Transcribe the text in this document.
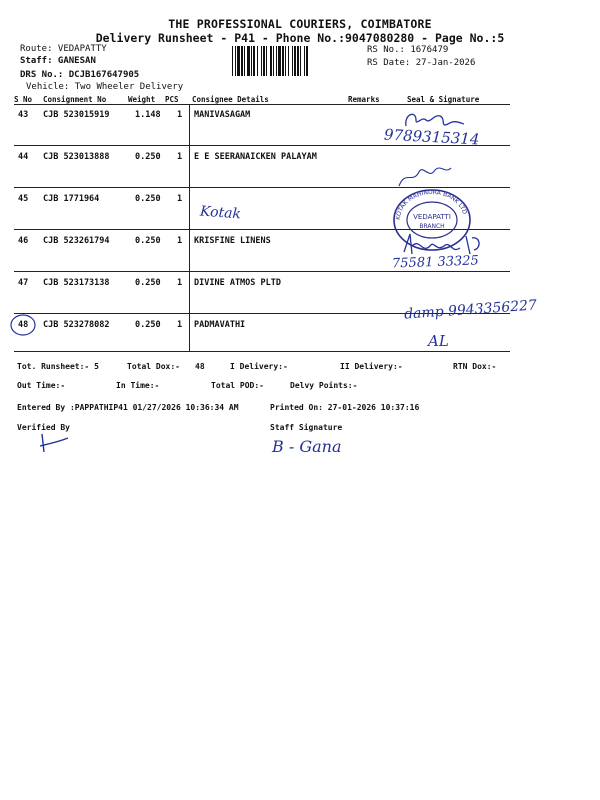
THE PROFESSIONAL COURIERS, COIMBATORE
Delivery Runsheet - P41 - Phone No.:9047080280 - Page No.:5
Route: VEDAPATTY
Staff: GANESAN
DRS No.: DCJB167647905
Vehicle: Two Wheeler Delivery
RS No.: 1676479
RS Date: 27-Jan-2026
S No Consignment No	Weight PCS Consignee Details	Remarks	Seal & Signature
43 CJB 523015919	1.148 1 MANIVASAGAM
44 CJB 523013888	0.250 1 E E SEERANAICKEN PALAYAM
45 CJB 1771964	0.250 1
46 CJB 523261794	0.250 1 KRISFINE LINENS
47 CJB 523173138	0.250 1 DIVINE ATMOS PLTD
48 CJB 523278082	0.250 1 PADMAVATHI
9789315314
KOTAK MAHINDRA BANK LTD
VEDAPATTI
BRANCH
Kotak
75581 33325
damp 9943356227
AL
Tot. Runsheet:- 5	Total Dox:- 48	I Delivery:-	II Delivery:-	RTN Dox:-
Out Time:-	In Time:-	Total POD:-	Delvy Points:-
Entered By :PAPPATHIP41 01/27/2026 10:36:34 AM	Printed On: 27-01-2026 10:37:16
Verified By	Staff Signature
B - Gana
